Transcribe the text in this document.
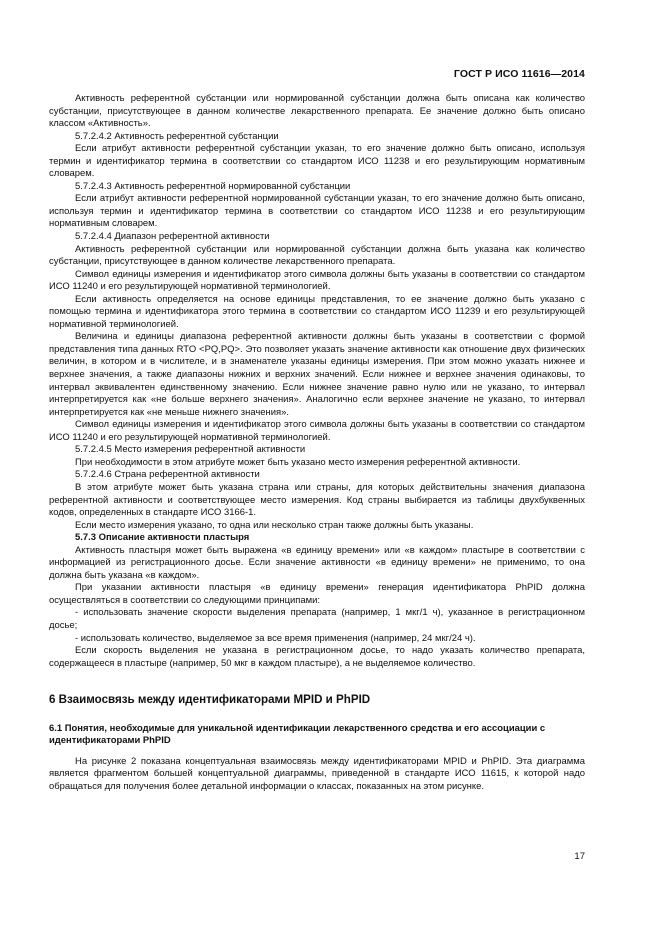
ГОСТ Р ИСО 11616—2014

Активность референтной субстанции или нормированной субстанции должна быть описана как количество субстанции, присутствующее в данном количестве лекарственного препарата. Ее значение должно быть описано классом «Активность».

5.7.2.4.2 Активность референтной субстанции

Если атрибут активности референтной субстанции указан, то его значение должно быть описано, используя термин и идентификатор термина в соответствии со стандартом ИСО 11238 и его результирующим нормативным словарем.

5.7.2.4.3 Активность референтной нормированной субстанции

Если атрибут активности референтной нормированной субстанции указан, то его значение должно быть описано, используя термин и идентификатор термина в соответствии со стандартом ИСО 11238 и его результирующим нормативным словарем.

5.7.2.4.4 Диапазон референтной активности

Активность референтной субстанции или нормированной субстанции должна быть указана как количество субстанции, присутствующее в данном количестве лекарственного препарата.

Символ единицы измерения и идентификатор этого символа должны быть указаны в соответствии со стандартом ИСО 11240 и его результирующей нормативной терминологией.

Если активность определяется на основе единицы представления, то ее значение должно быть указано с помощью термина и идентификатора этого термина в соответствии со стандартом ИСО 11239 и его результирующей нормативной терминологией.

Величина и единицы диапазона референтной активности должны быть указаны в соответствии с формой представления типа данных RTO <PQ,PQ>. Это позволяет указать значение активности как отношение двух физических величин, в котором и в числителе, и в знаменателе указаны единицы измерения. При этом можно указать нижнее и верхнее значения, а также диапазоны нижних и верхних значений. Если нижнее и верхнее значения одинаковы, то интервал эквивалентен единственному значению. Если нижнее значение равно нулю или не указано, то интервал интерпретируется как «не больше верхнего значения». Аналогично если верхнее значение не указано, то интервал интерпретируется как «не меньше нижнего значения».

Символ единицы измерения и идентификатор этого символа должны быть указаны в соответствии со стандартом ИСО 11240 и его результирующей нормативной терминологией.

5.7.2.4.5 Место измерения референтной активности

При необходимости в этом атрибуте может быть указано место измерения референтной активности.

5.7.2.4.6 Страна референтной активности

В этом атрибуте может быть указана страна или страны, для которых действительны значения диапазона референтной активности и соответствующее место измерения. Код страны выбирается из таблицы двухбуквенных кодов, определенных в стандарте ИСО 3166-1.

Если место измерения указано, то одна или несколько стран также должны быть указаны.

5.7.3 Описание активности пластыря

Активность пластыря может быть выражена «в единицу времени» или «в каждом» пластыре в соответствии с информацией из регистрационного досье. Если значение активности «в единицу времени» не применимо, то она должна быть указана «в каждом».

При указании активности пластыря «в единицу времени» генерация идентификатора PhPID должна осуществляться в соответствии со следующими принципами:

- использовать значение скорости выделения препарата (например, 1 мкг/1 ч), указанное в регистрационном досье;

- использовать количество, выделяемое за все время применения (например, 24 мкг/24 ч).

Если скорость выделения не указана в регистрационном досье, то надо указать количество препарата, содержащееся в пластыре (например, 50 мкг в каждом пластыре), а не выделяемое количество.

6 Взаимосвязь между идентификаторами MPID и PhPID

6.1 Понятия, необходимые для уникальной идентификации лекарственного средства и его ассоциации с идентификаторами PhPID

На рисунке 2 показана концептуальная взаимосвязь между идентификаторами MPID и PhPID. Эта диаграмма является фрагментом большей концептуальной диаграммы, приведенной в стандарте ИСО 11615, к которой надо обращаться для получения более детальной информации о классах, показанных на этом рисунке.

17
